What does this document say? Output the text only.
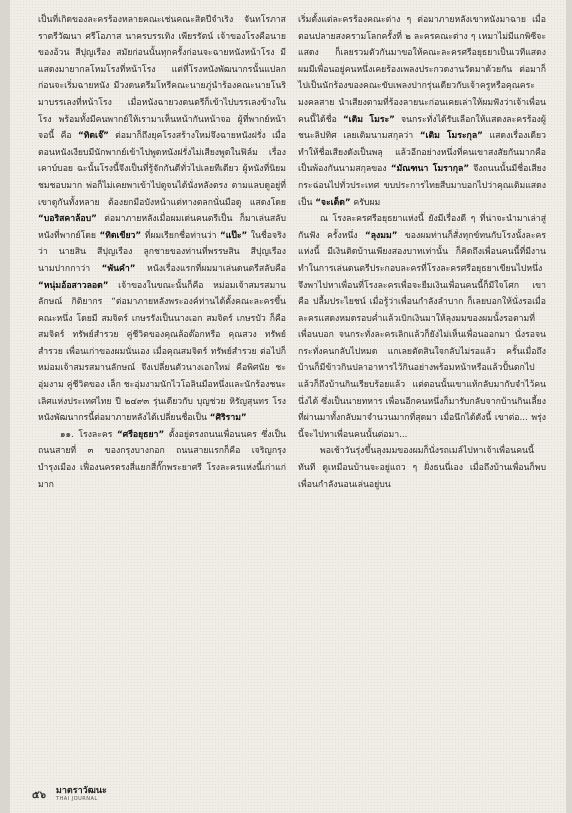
เป็นที่เกิดของละครร้องหลายคณะเช่นคณะสิดปีจำเริง จันทโรภาส ราตรีวัฒนา ศรีโอภาส นาครบรรเทิง เพียรรัตน์ เจ้าของโรงคือนายของอ้วน สีปุญเรือง สมัยก่อนนั้นทุกครั้งก่อนจะฉายหนังหน้าโรง มีแสดงมายากลโหมโรงที่หน้าโรง แต่ที่โรงหนังพัฒนากรนั้นแปลก ก่อนจะเริ่มฉายหนัง มีวงดนตรีมโหรีคณะนายภู่นำร้องคณะนายโนริมาบรรเลงที่หน้าโรง เมื่อหนังฉายวงดนตรีก็เข้าไปบรรเลงข้างในโรง พร้อมทั้งมีคนพากย์ให้เรามาเห็นหน้ากันหน้าจอ ผู้ที่พากย์หน้าจอนี้ คือ “ทิดเจ๊” ต่อมาก็ถึงยุคโรงสร้างใหม่จึงฉายหนังฝรั่ง เมื่อตอนหนังเงียบมีนักพากย์เข้าไปพูดหนังฝรั่งไม่เสียงพูดในฟิล์ม เรื่องเคาบ์บอย ฉะนั้นโรงนี้จึงเป็นที่รู้จักกันดีทั่วไปเลยทีเดียว ผู้หนังที่นิยมชมชอบมาก พ่อก็ไม่เคยพาเข้าไปดูจนได้นั่งหลังตรง ตามแลบดูอยู่ที่เขาดูกันทั้งหลาย ต้องยกมือบังหน้าแต่ทางตลกนั่นมือดู แสดงโดย “บอริสคาล้อบ” ต่อมาภายหลังเมื่อผมเด่นคนตรีเป็น ก็มาเล่นสลับหนังที่พากย์โดย “ทิดเขียว” ที่ผมเรียกชื่อท่านว่า “แป๊ะ” ในชื่อจริงว่า นายสิน สีปุญเรือง ลูกชายของท่านที่พรรษสิน สีปุญเรือง นามปากกาว่า “พันคำ” หนังเรื่องแรกที่ผมมาเล่นดนตรีสลับคือ “หนุ่มอ้อสาวลอด” เจ้าของในขณะนั้นก็คือ หม่อมเจ้าสมรสมานลักษณ์ กิติยากร “ต่อมาภายหลังพระองค์ท่านได้ตั้งคณะละครขึ้นคณะหนึ่ง โดยมี สมจิตร์ เกษรรังเป็นนางเอก สมจิตร์ เกษรบัว ก็คือ สมจิตร์ ทรัพย์สำรวย คู่ชีวิตของคุณล้อต๊อกหรือ คุณสวง ทรัพย์สำรวย เพื่อนเก่าของผมนั่นเอง เมื่อคุณสมจิตร์ ทรัพย์สำรวย ต่อไปก็หม่อมเจ้าสมรสมานลักษณ์ จึงเปลี่ยนตัวนางเอกใหม่ คือพิศนัย ชะอุ่มงาม คู่ชีวิตของ เล็ก ชะอุ่มงามนักไวโอลินมือหนึ่งและนักร้องชนะเลิศแห่งประเทศไทย ปี ๒๔๙๓ รุ่นเดียวกับ บุญช่วย หิรัญสุนทร โรงหนังพัฒนากรนี้ต่อมาภายหลังได้เปลี่ยนชื่อเป็น “ศิริราม”

๑๑. โรงละคร “ศรีอยุธยา” ตั้งอยู่ตรงถนนเพื่อนนคร ซึ่งเป็นถนนสายที่ ๓ ของกรุงบางกอก ถนนสายแรกก็คือ เจริญกรุง บำรุงเมือง เฟื่องนครตรงสี่แยกสี่กั๊กพระยาศรี โรงละครแห่งนี้เก่าแก่มาก

เริ่มตั้งแต่ละครร้องคณะต่าง ๆ ต่อมาภายหลังเขาหนังมาฉาย เมื่อตอนปลายสงครามโลกครั้งที่ ๒ ละครคณะต่าง ๆ เหมาไม่มีแกพิซีจะแสดง ก็เลยรวมตัวกันมาขอให้คณะละครศรีอยุธยาเป็นเวทีแสดง ผมมีเพื่อนอยู่คนหนึ่งเคยร้องเพลงประกวดงานวัดมาด้วยกัน ต่อมาก็ไปเป็นนักร้องของคณะขับเพลงปากรุ่นเดียวกับเจ้าครูหรือคุณคระ มงคลสาย นำเสียงตามที่ร้องลายนะก่อนเคยเล่าให้ผมฟังว่าเจ้าเพื่อนคนนี้ได้ชื่อ “เติม โมระ” จนกระทั่งได้รับเลือกให้แสดงละครร้องผู้ชนะลิปทิศ เลยเติมนามสกุลว่า “เติม โมระกุล” แสดงเรื่องเดียวทำให้ชื่อเสียงดังเป็นพลุ แล้วอีกอย่างหนึ่งที่คนเขาสงสัยกันมากคือเป็นพ้องกันนามสกุลของ “มัณฑนา โมรากุล” จึงถนนนั้นมีชื่อเสียงกระฉ่อนไปทั่วประเทศ ขบประการไทยสืบมาบอกไปว่าคุณเติมแสดงเป็น “จะเด็ด” ครับผม

ณ โรงละครศรีอยุธยาแห่งนี้ ยังมีเรื่องดี ๆ ที่น่าจะนำมาเล่าสู่กันฟัง ครั้งหนึ่ง “ลุงมม” ของผมท่านก็สั่งทุกข์ทนกับโรงนั้งละครแห่งนี้ มีเงินติดบ้านเพียงสองบาทเท่านั้น ก็คิดถึงเพื่อนคนนี้ที่มีงานทำในการเล่นดนตรีประกอบละครที่โรงละครศรีอยุธยาเขียนไปหนึ่งจึงพาไปหาเพื่อนที่โรงละครเพื่อจะยืมเงินเพื่อนคนนี้ก็มีใจโศก เขาคือ ปลื้มประไยชน์ เมื่อรู้ว่าเพื่อนกำลังลำบาก ก็เลยบอกให้นั่งรอเมื่อละครแสดงหมดรอบค่ำแล้วเบิกเงินมาให้ลุงมมของผมนั้งรอตามที่เพื่อนบอก จนกระทั่งละครเลิกแล้วก็ยังไม่เห็นเพื่อนออกมา นั่งรอจนกระทั่งคนกลับไปหมด แกเลยตัดสินใจกลับไม่รอแล้ว ครั้นเมื่อถึงบ้านก็มีข้าวกินปลาอาหารไว้กินอย่างพร้อมหน้าหรือแล้วปั้นตกไปแล้วก็ถึงบ้านกินเรียบร้อยแล้ว แต่ตอนนั้นเขาแท้กลับมากับจำไว้คนนึ่งได้ ซึ่งเป็นนายทหาร เพื่อนอีกคนหนึ่งก็มารับกลับจากบ้านกินเลี้ยงที่ผ่านมาทั้งกลับมาจำนวนมากที่สุดมา เมื่อนึกได้ดังนี้ เขาต่อ... พรุ่งนี้จะไปหาเพื่อนคนนั้นต่อมา...

พอเช้าวันรุ่งขึ้นลุงมมของผมก็นั่งรถเมล์ไปหาเจ้าเพื่อนคนนี้ทันที ดูเหมือนบ้านจะอยู่แถว ๆ ฝั่งธนนี่เอง เมื่อถึงบ้านเพื่อนก็พบเพื่อนกำลังนอนเล่นอยู่บน

๕๖ มาตราวัฒนะ
THAI JOURNAL
